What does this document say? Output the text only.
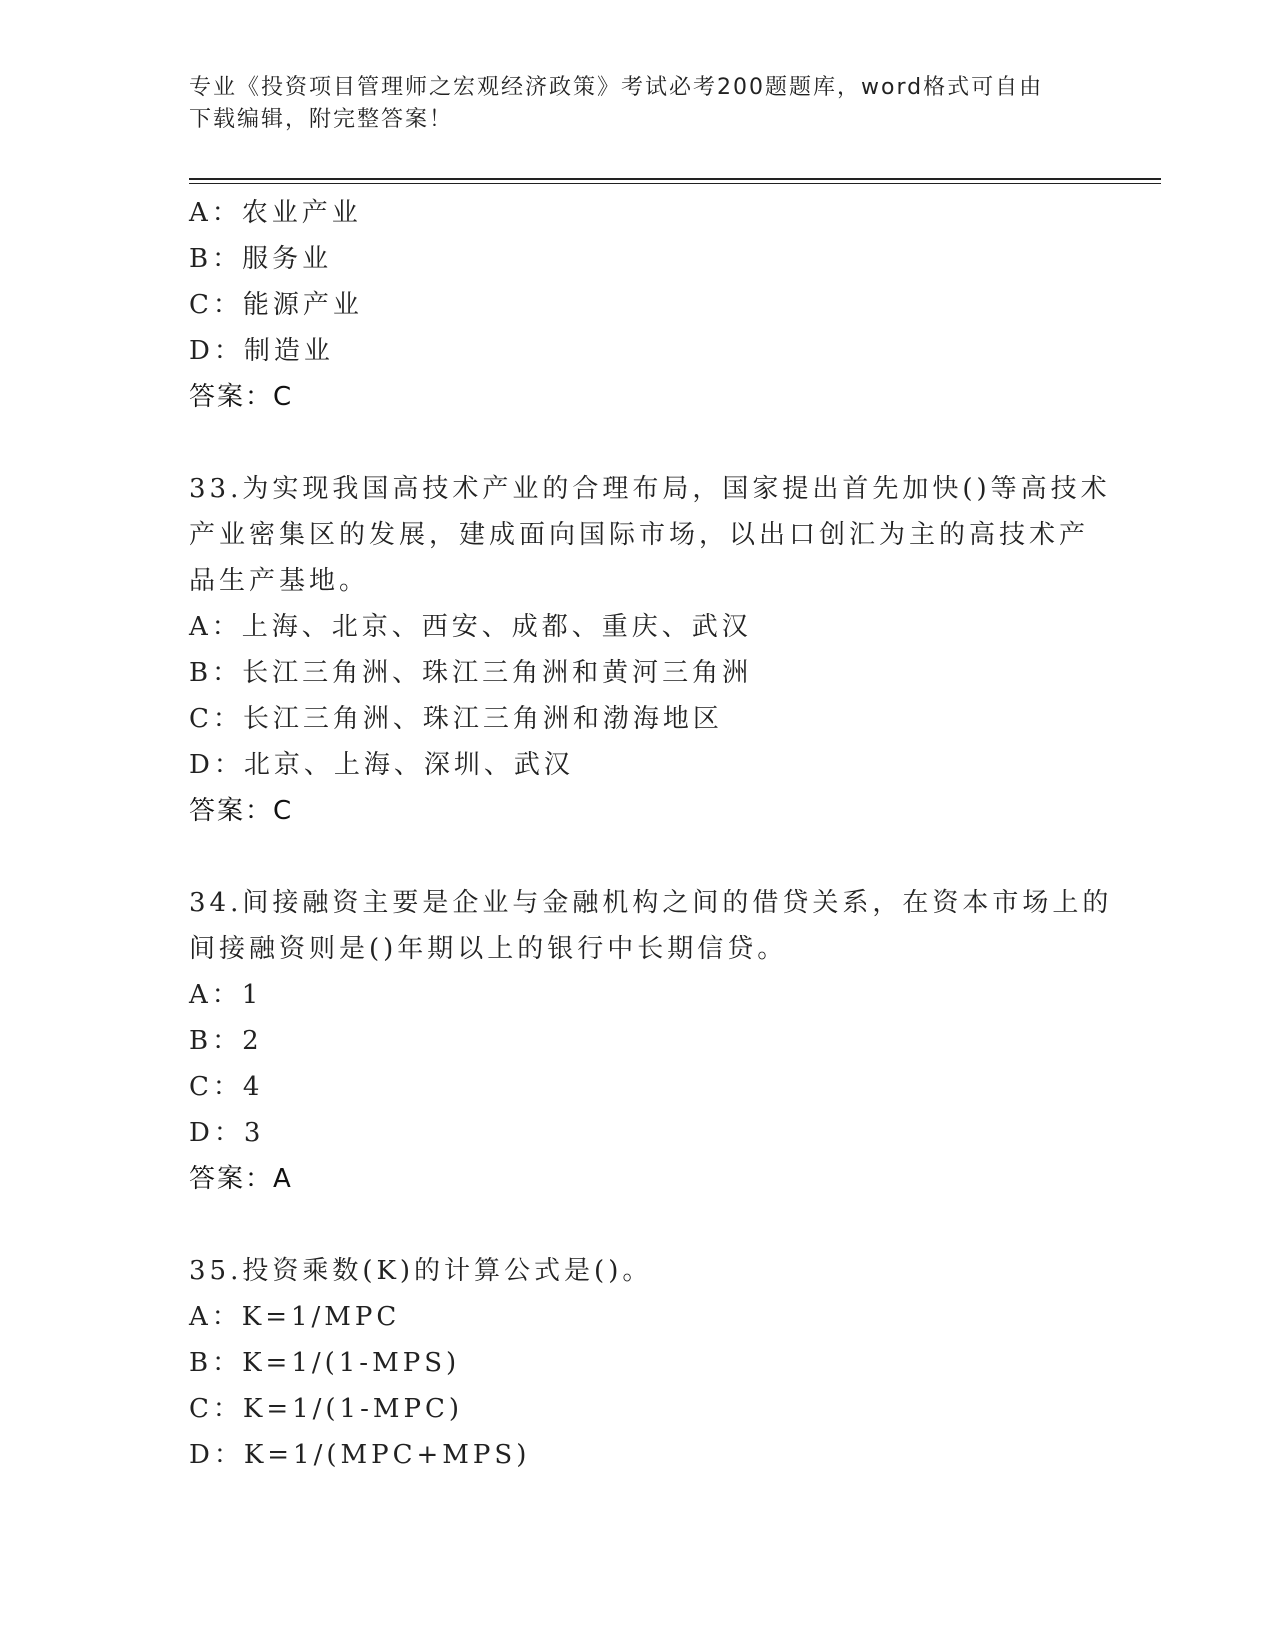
专业《投资项目管理师之宏观经济政策》考试必考200题题库，word格式可自由
下载编辑，附完整答案！
A：农业产业
B：服务业
C：能源产业
D：制造业
答案：C
33.为实现我国高技术产业的合理布局，国家提出首先加快()等高技术
产业密集区的发展，建成面向国际市场，以出口创汇为主的高技术产
品生产基地。
A：上海、北京、西安、成都、重庆、武汉
B：长江三角洲、珠江三角洲和黄河三角洲
C：长江三角洲、珠江三角洲和渤海地区
D：北京、上海、深圳、武汉
答案：C
34.间接融资主要是企业与金融机构之间的借贷关系，在资本市场上的
间接融资则是()年期以上的银行中长期信贷。
A：1
B：2
C：4
D：3
答案：A
35.投资乘数(K)的计算公式是()。
A：K=1/MPC
B：K=1/(1-MPS)
C：K=1/(1-MPC)
D：K=1/(MPC+MPS)
